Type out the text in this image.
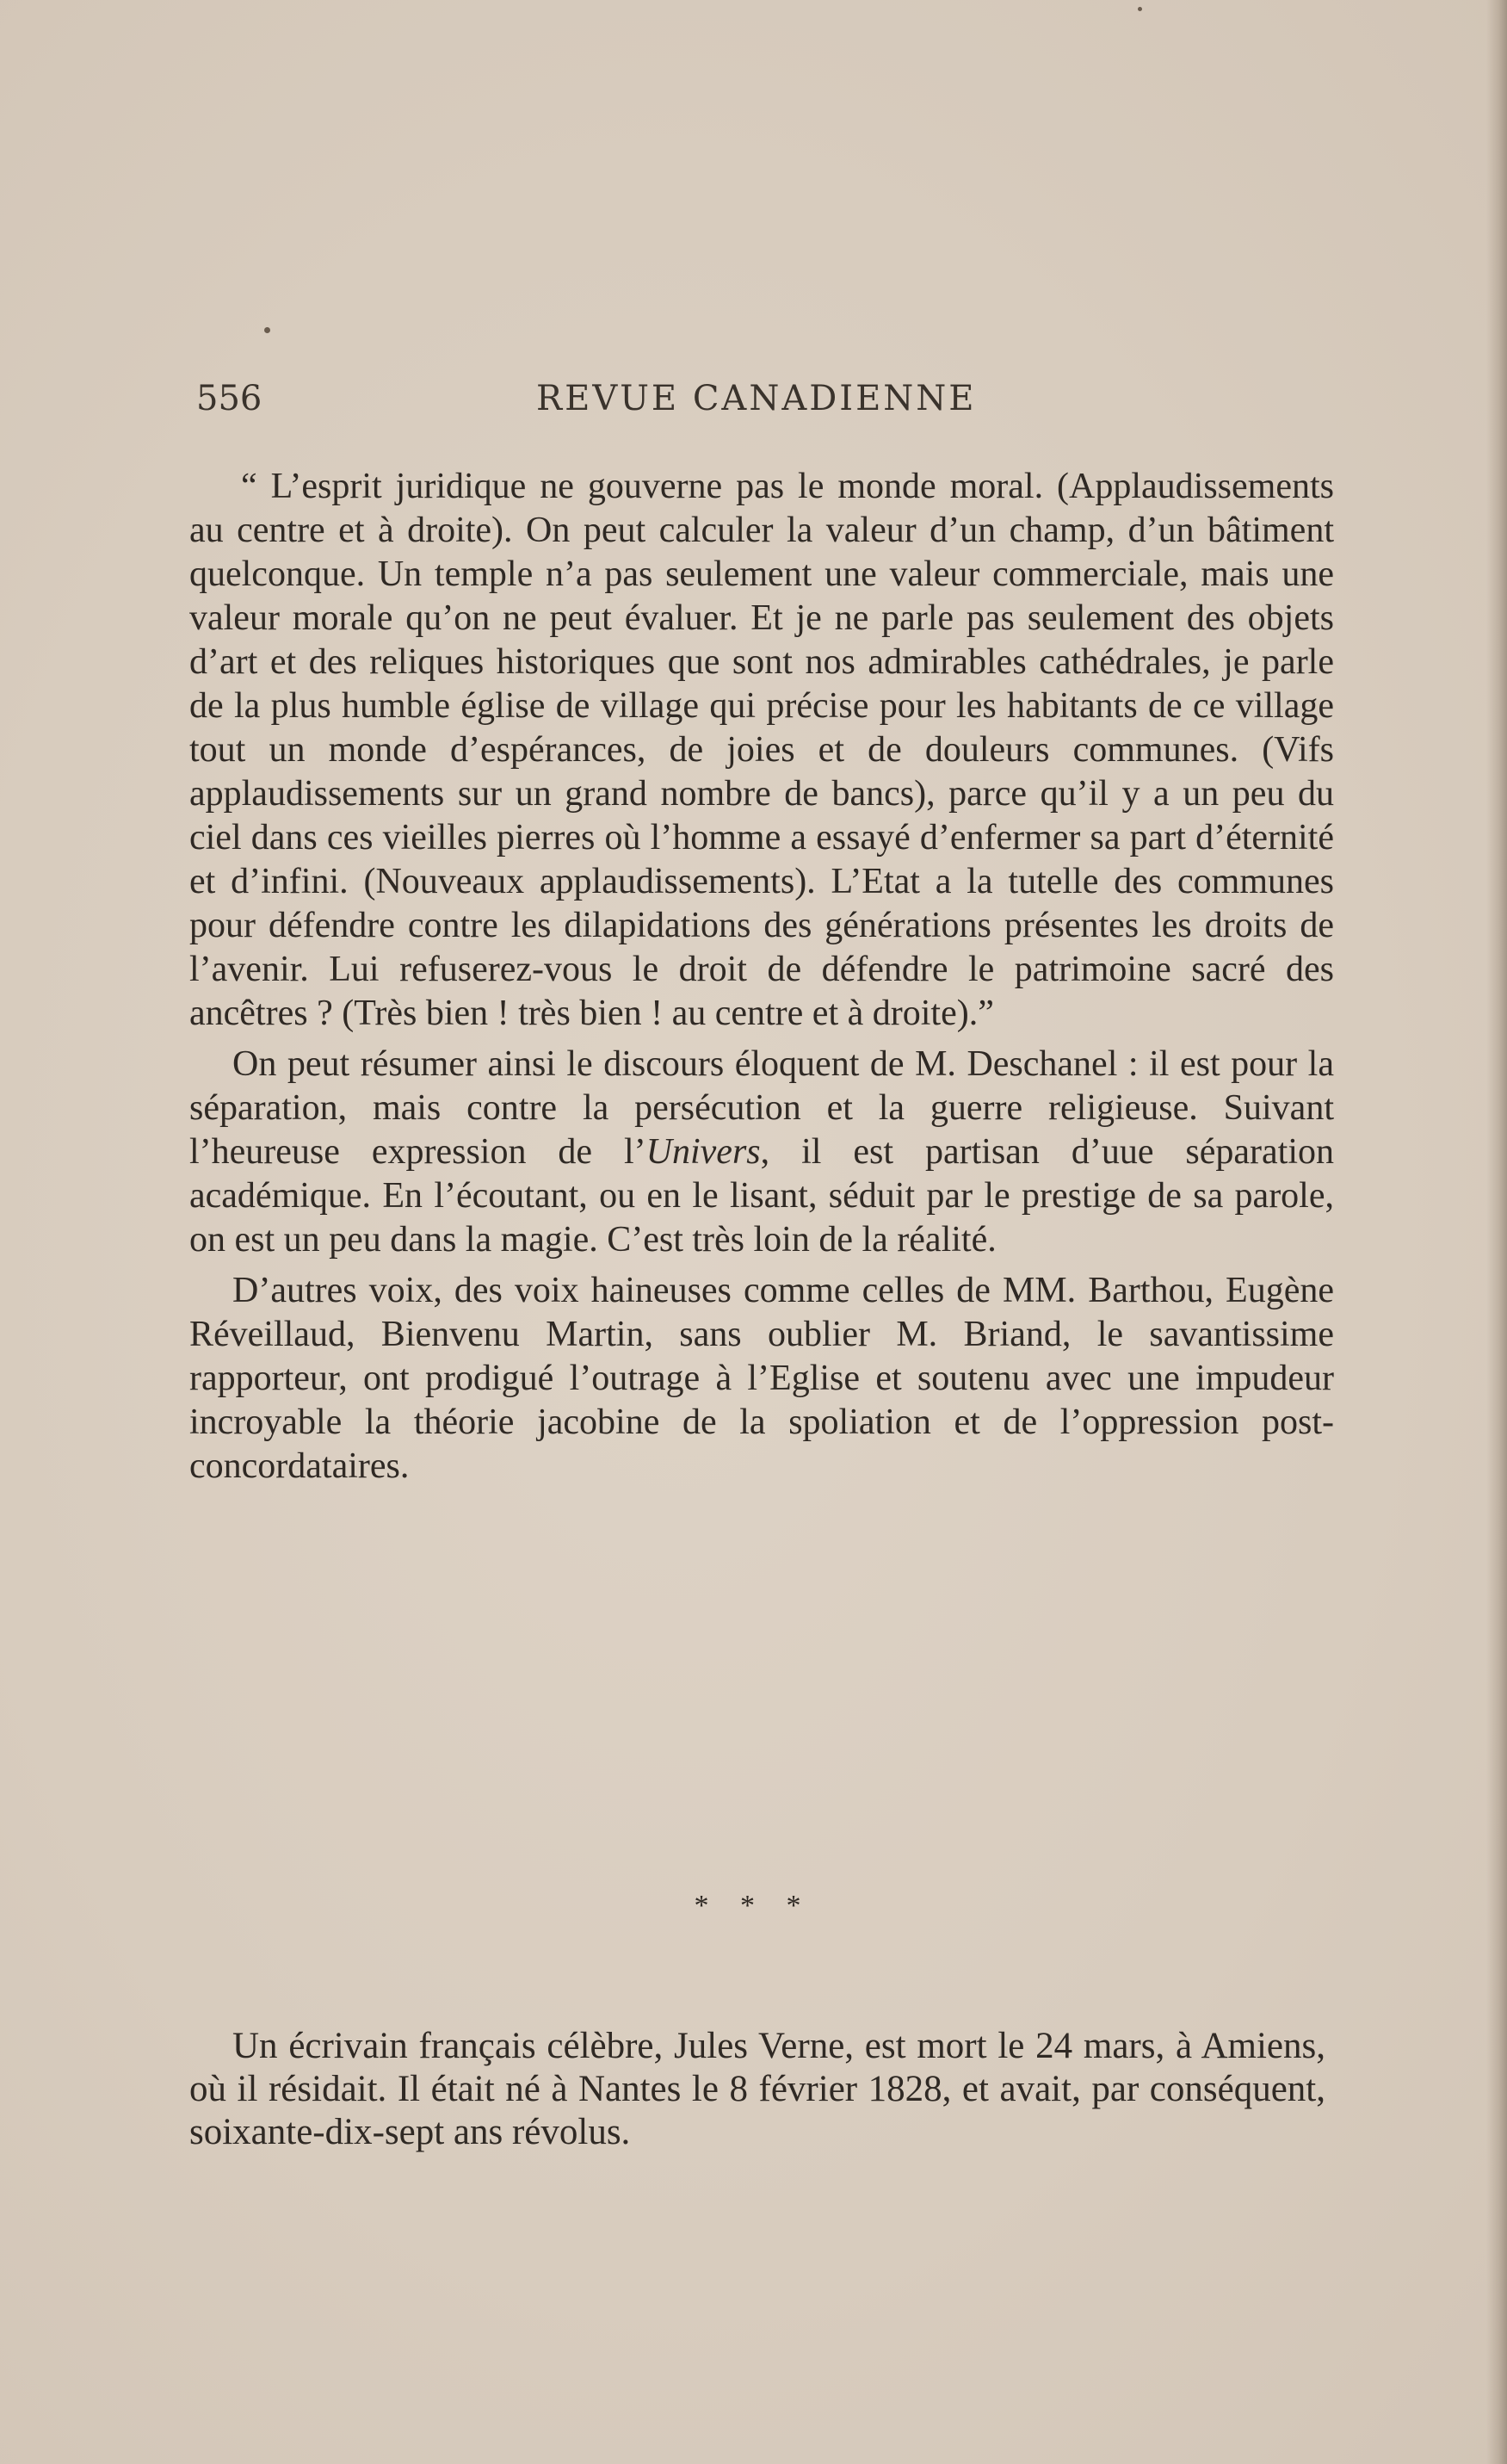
556	REVUE CANADIENNE

“ L’esprit juridique ne gouverne pas le monde moral. (Applaudissements au centre et à droite). On peut calculer la valeur d’un champ, d’un bâtiment quelconque. Un temple n’a pas seulement une valeur commerciale, mais une valeur morale qu’on ne peut évaluer. Et je ne parle pas seulement des objets d’art et des reliques historiques que sont nos admirables cathédrales, je parle de la plus humble église de village qui précise pour les habitants de ce village tout un monde d’espérances, de joies et de douleurs communes. (Vifs applaudissements sur un grand nombre de bancs), parce qu’il y a un peu du ciel dans ces vieilles pierres où l’homme a essayé d’enfermer sa part d’éternité et d’infini. (Nouveaux applaudissements). L’Etat a la tutelle des communes pour défendre contre les dilapidations des générations présentes les droits de l’avenir. Lui refuserez-vous le droit de défendre le patrimoine sacré des ancêtres ? (Très bien ! très bien ! au centre et à droite).”

On peut résumer ainsi le discours éloquent de M. Deschanel : il est pour la séparation, mais contre la persécution et la guerre religieuse. Suivant l’heureuse expression de l’Univers, il est partisan d’uue séparation académique. En l’écoutant, ou en le lisant, séduit par le prestige de sa parole, on est un peu dans la magie. C’est très loin de la réalité.

D’autres voix, des voix haineuses comme celles de MM. Barthou, Eugène Réveillaud, Bienvenu Martin, sans oublier M. Briand, le savantissime rapporteur, ont prodigué l’outrage à l’Eglise et soutenu avec une impudeur incroyable la théorie jacobine de la spoliation et de l’oppression post-concordataires.

* * *

Un écrivain français célèbre, Jules Verne, est mort le 24 mars, à Amiens, où il résidait. Il était né à Nantes le 8 février 1828, et avait, par conséquent, soixante-dix-sept ans révolus.
